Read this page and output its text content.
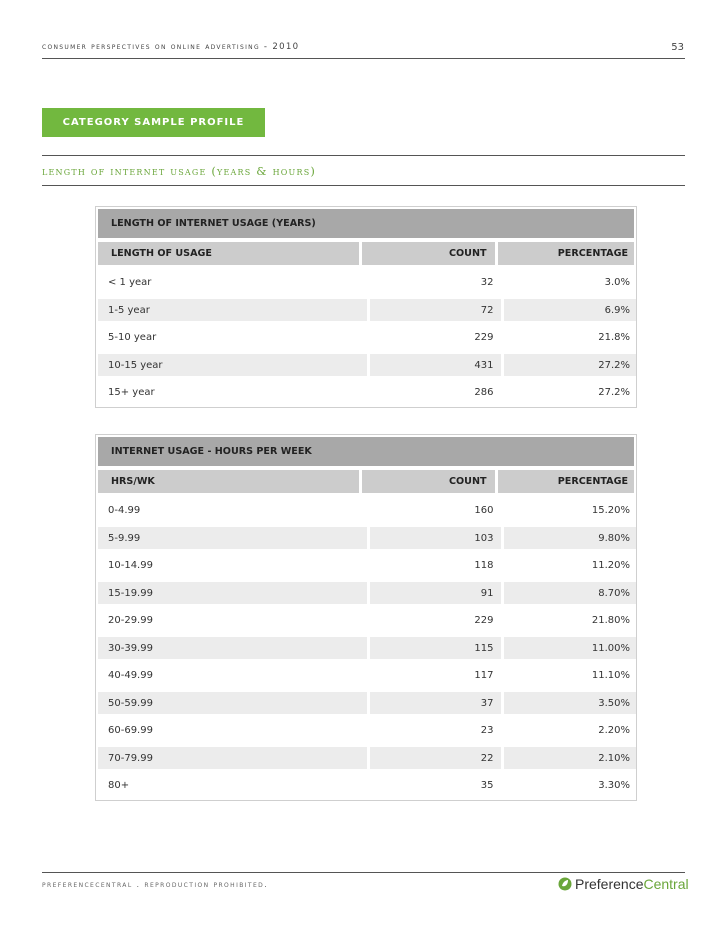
consumer perspectives on online advertising - 2010	53
CATEGORY SAMPLE PROFILE
length of internet usage (years & hours)
LENGTH OF INTERNET USAGE (YEARS)
LENGTH OF USAGE	COUNT	PERCENTAGE
< 1 year	32	3.0%
1-5 year	72	6.9%
5-10 year	229	21.8%
10-15 year	431	27.2%
15+ year	286	27.2%
INTERNET USAGE - HOURS PER WEEK
HRS/WK	COUNT	PERCENTAGE
0-4.99	160	15.20%
5-9.99	103	9.80%
10-14.99	118	11.20%
15-19.99	91	8.70%
20-29.99	229	21.80%
30-39.99	115	11.00%
40-49.99	117	11.10%
50-59.99	37	3.50%
60-69.99	23	2.20%
70-79.99	22	2.10%
80+	35	3.30%
preferencecentral . reproduction prohibited.	Preference Central
